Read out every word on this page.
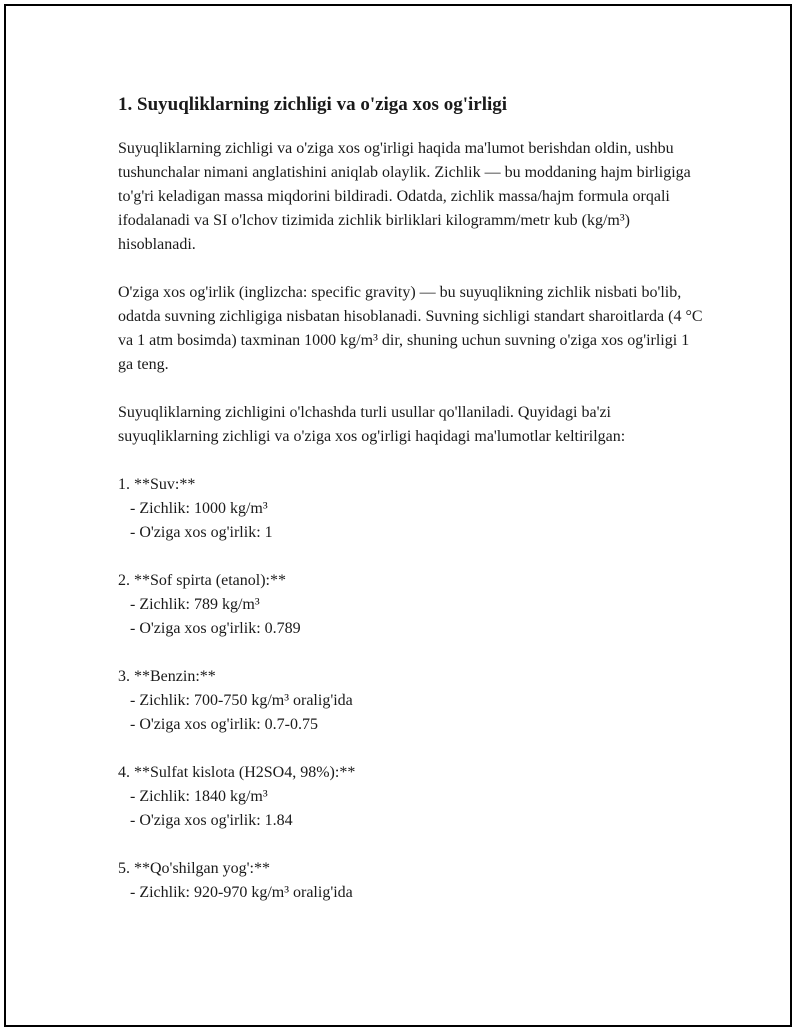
1. Suyuqliklarning zichligi va o'ziga xos og'irligi

Suyuqliklarning zichligi va o'ziga xos og'irligi haqida ma'lumot berishdan oldin, ushbu tushunchalar nimani anglatishini aniqlab olaylik. Zichlik — bu moddaning hajm birligiga to'g'ri keladigan massa miqdorini bildiradi. Odatda, zichlik massa/hajm formula orqali ifodalanadi va SI o'lchov tizimida zichlik birliklari kilogramm/metr kub (kg/m³) hisoblanadi.

O'ziga xos og'irlik (inglizcha: specific gravity) — bu suyuqlikning zichlik nisbati bo'lib, odatda suvning zichligiga nisbatan hisoblanadi. Suvning sichligi standart sharoitlarda (4 °C va 1 atm bosimda) taxminan 1000 kg/m³ dir, shuning uchun suvning o'ziga xos og'irligi 1 ga teng.

Suyuqliklarning zichligini o'lchashda turli usullar qo'llaniladi. Quyidagi ba'zi suyuqliklarning zichligi va o'ziga xos og'irligi haqidagi ma'lumotlar keltirilgan:

1. **Suv:**

- Zichlik: 1000 kg/m³

- O'ziga xos og'irlik: 1

2. **Sof spirta (etanol):**

- Zichlik: 789 kg/m³

- O'ziga xos og'irlik: 0.789

3. **Benzin:**

- Zichlik: 700-750 kg/m³ oralig'ida

- O'ziga xos og'irlik: 0.7-0.75

4. **Sulfat kislota (H2SO4, 98%):**

- Zichlik: 1840 kg/m³

- O'ziga xos og'irlik: 1.84

5. **Qo'shilgan yog':**

- Zichlik: 920-970 kg/m³ oralig'ida
